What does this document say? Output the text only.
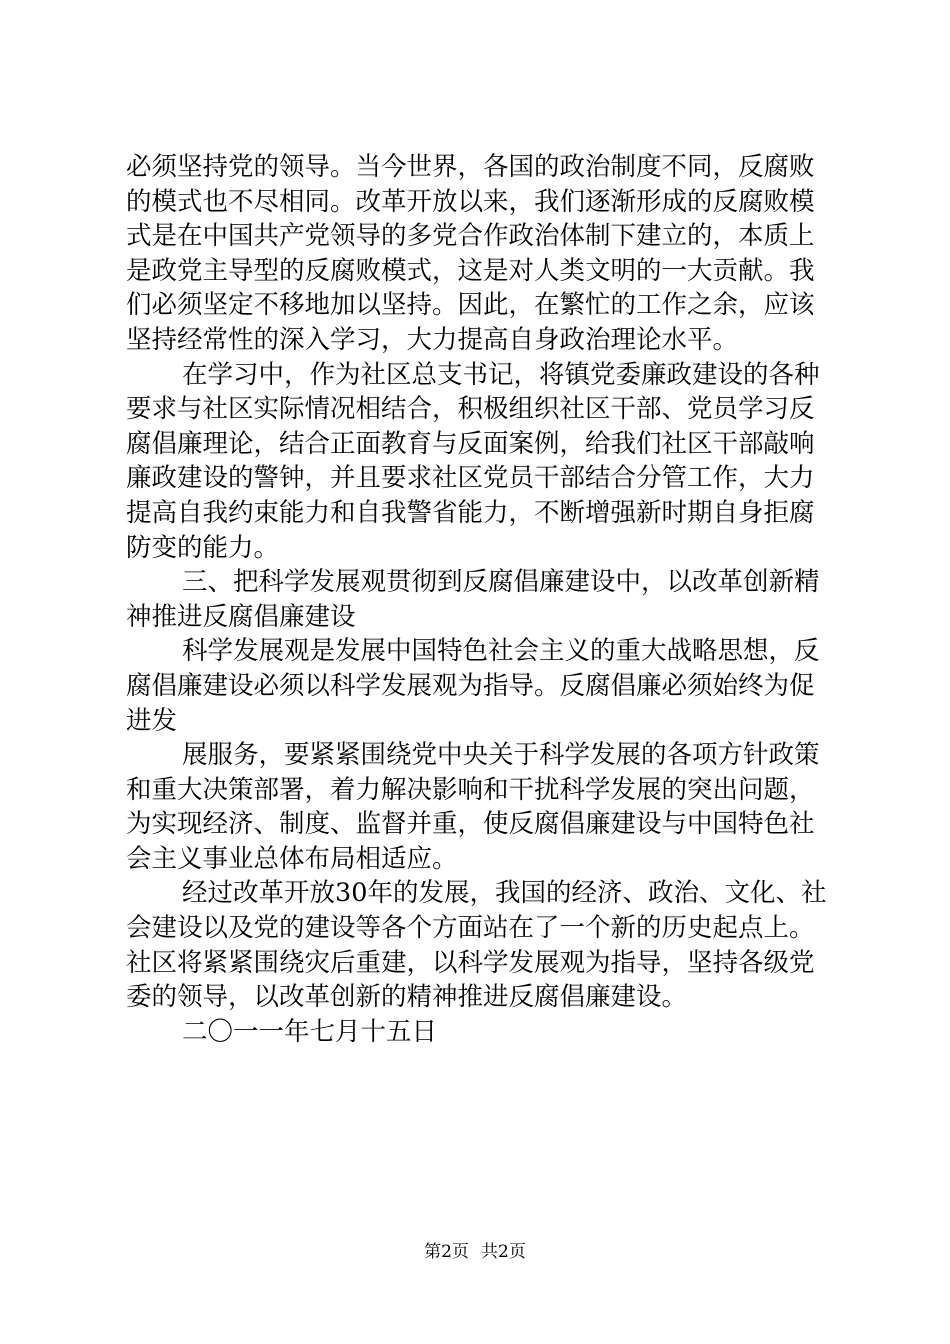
必须坚持党的领导。当今世界，各国的政治制度不同，反腐败
的模式也不尽相同。改革开放以来，我们逐渐形成的反腐败模
式是在中国共产党领导的多党合作政治体制下建立的，本质上
是政党主导型的反腐败模式，这是对人类文明的一大贡献。我
们必须坚定不移地加以坚持。因此，在繁忙的工作之余，应该
坚持经常性的深入学习，大力提高自身政治理论水平。
在学习中，作为社区总支书记，将镇党委廉政建设的各种
要求与社区实际情况相结合，积极组织社区干部、党员学习反
腐倡廉理论，结合正面教育与反面案例，给我们社区干部敲响
廉政建设的警钟，并且要求社区党员干部结合分管工作，大力
提高自我约束能力和自我警省能力，不断增强新时期自身拒腐
防变的能力。
三、把科学发展观贯彻到反腐倡廉建设中，以改革创新精
神推进反腐倡廉建设
科学发展观是发展中国特色社会主义的重大战略思想，反
腐倡廉建设必须以科学发展观为指导。反腐倡廉必须始终为促
进发
展服务，要紧紧围绕党中央关于科学发展的各项方针政策
和重大决策部署，着力解决影响和干扰科学发展的突出问题，
为实现经济、制度、监督并重，使反腐倡廉建设与中国特色社
会主义事业总体布局相适应。
经过改革开放30年的发展，我国的经济、政治、文化、社
会建设以及党的建设等各个方面站在了一个新的历史起点上。
社区将紧紧围绕灾后重建，以科学发展观为指导，坚持各级党
委的领导，以改革创新的精神推进反腐倡廉建设。
二〇一一年七月十五日
第2页 共2页
